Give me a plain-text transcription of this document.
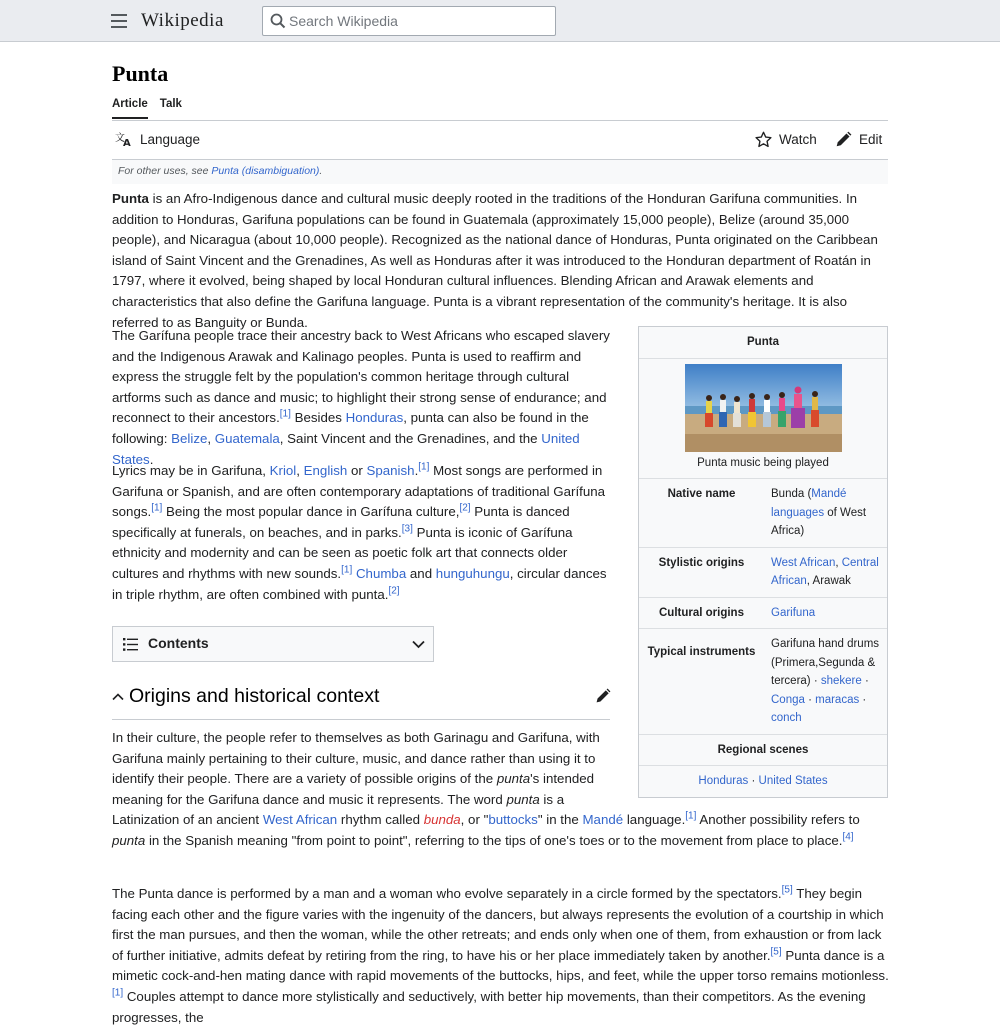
Wikipedia
Search Wikipedia
Punta
Article Talk
文
A Language	Watch	Edit
For other uses, see Punta (disambiguation).

Punta is an Afro-Indigenous dance and cultural music deeply rooted in the traditions of the Honduran Garifuna communities. In addition to Honduras, Garifuna populations can be found in Guatemala (approximately 15,000 people), Belize (around 35,000 people), and Nicaragua (about 10,000 people). Recognized as the national dance of Honduras, Punta originated on the Caribbean island of Saint Vincent and the Grenadines, As well as Honduras after it was introduced to the Honduran department of Roatán in 1797, where it evolved, being shaped by local Honduran cultural influences. Blending African and Arawak elements and characteristics that also define the Garifuna language. Punta is a vibrant representation of the community's heritage. It is also referred to as Banguity or Bunda.

The Garífuna people trace their ancestry back to West Africans who escaped slavery and the Indigenous Arawak and Kalinago peoples. Punta is used to reaffirm and express the struggle felt by the population's common heritage through cultural artforms such as dance and music; to highlight their strong sense of endurance; and reconnect to their ancestors.[1] Besides Honduras, punta can also be found in the following: Belize, Guatemala, Saint Vincent and the Grenadines, and the United States.

Lyrics may be in Garifuna, Kriol, English or Spanish.[1] Most songs are performed in Garifuna or Spanish, and are often contemporary adaptations of traditional Garífuna songs.[1] Being the most popular dance in Garífuna culture,[2] Punta is danced specifically at funerals, on beaches, and in parks.[3] Punta is iconic of Garífuna ethnicity and modernity and can be seen as poetic folk art that connects older cultures and rhythms with new sounds.[1] Chumba and hunguhungu, circular dances in triple rhythm, are often combined with punta.[2]

Contents
Origins and historical context

In their culture, the people refer to themselves as both Garinagu and Garifuna, with Garifuna mainly pertaining to their culture, music, and dance rather than using it to identify their people. There are a variety of possible origins of the punta's intended meaning for the Garifuna dance and music it represents. The word punta is a Latinization of an ancient West African rhythm called bunda, or "buttocks" in the Mandé language.[1] Another possibility refers to punta in the Spanish meaning "from point to point", referring to the tips of one's toes or to the movement from place to place.[4]

The Punta dance is performed by a man and a woman who evolve separately in a circle formed by the spectators.[5] They begin facing each other and the figure varies with the ingenuity of the dancers, but always represents the evolution of a courtship in which first the man pursues, and then the woman, while the other retreats; and ends only when one of them, from exhaustion or from lack of further initiative, admits defeat by retiring from the ring, to have his or her place immediately taken by another.[5] Punta dance is a mimetic cock-and-hen mating dance with rapid movements of the buttocks, hips, and feet, while the upper torso remains motionless.[1] Couples attempt to dance more stylistically and seductively, with better hip movements, than their competitors. As the evening progresses, the

Punta
Punta music being played
Native name	Bunda (Mandé languages of West Africa)
Stylistic origins	West African, Central African, Arawak
Cultural origins	Garifuna
Typical instruments
Garifuna hand drums (Primera,Segunda & tercera) · shekere · Conga · maracas · conch
Regional scenes
Honduras · United States
